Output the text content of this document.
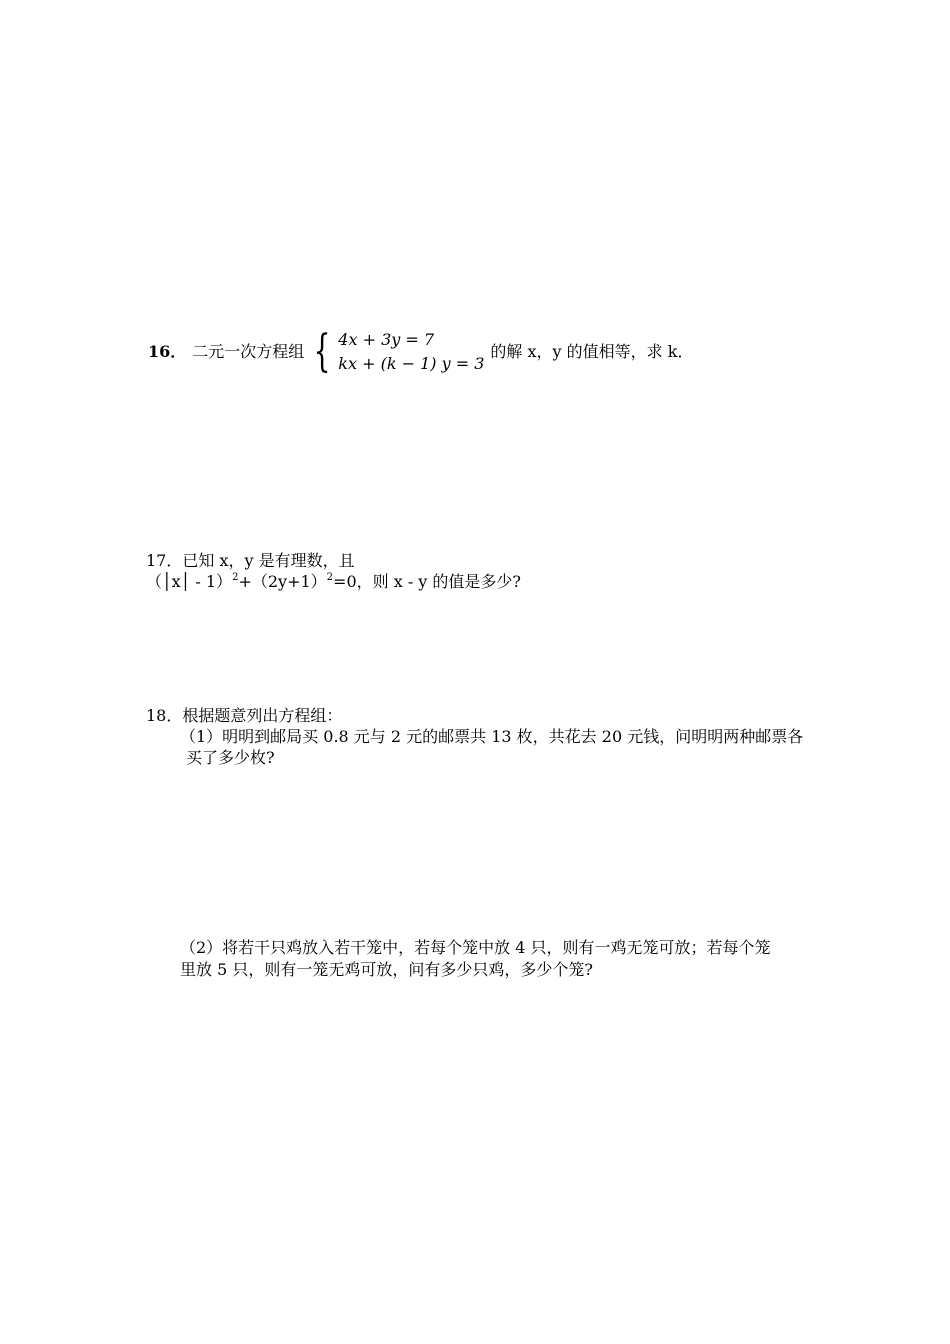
16． 二元一次方程组 { 4x + 3y = 7
kx + (k − 1) y = 3
的解 x，y 的值相等，求 k．
17．已知 x，y 是有理数，且
（│x│ - $1)^2+(2y+1)^2=0$，则 x - y 的值是多少?
18．根据题意列出方程组：
（1）明明到邮局买 0.8 元与 2 元的邮票共 13 枚，共花去 20 元钱，问明明两种邮票各
买了多少枚?
（2）将若干只鸡放入若干笼中，若每个笼中放 4 只，则有一鸡无笼可放；若每个笼
里放 5 只，则有一笼无鸡可放，问有多少只鸡，多少个笼?
